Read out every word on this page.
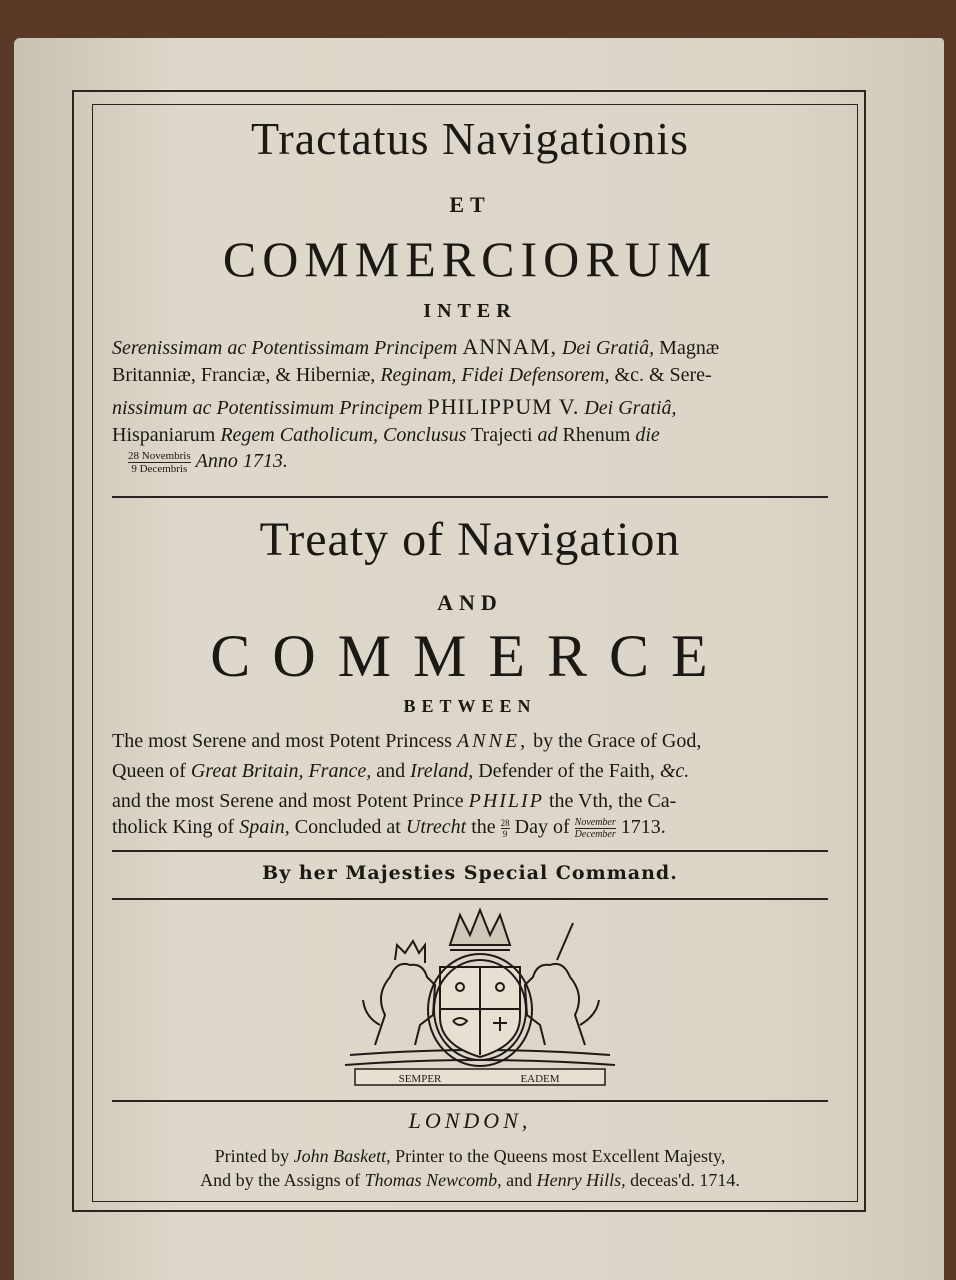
Tractatus Navigationis
ET
COMMERCIORUM
INTER
Serenissimam ac Potentissimam Principem ANNAM, Dei Gratiâ, Magnæ
Britanniæ, Franciæ, & Hiberniæ, Reginam, Fidei Defensorem, &c. & Sere-
nissimum ac Potentissimum Principem PHILIPPUM V. Dei Gratiâ,
Hispaniarum Regem Catholicum, Conclusus Trajecti ad Rhenum die
$\frac{\text{28 Novembris}}{\text{9 Decembris}}$ Anno 1713.
Treaty of Navigation
AND
COMMERCE
BETWEEN
The most Serene and most Potent Princess ANNE, by the Grace of God,
Queen of Great Britain, France, and Ireland, Defender of the Faith, &c.
and the most Serene and most Potent Prince PHILIP the Vth, the Ca-
tholick King of Spain, Concluded at Utrecht the $\frac{28}{9}$ Day of $\frac{\text{November}}{\text{December}} 1713$.
By her Majesties Special Command.
SEMPER	EADEM
LONDON,
Printed by John Baskett, Printer to the Queens most Excellent Majesty,
And by the Assigns of Thomas Newcomb, and Henry Hills, deceas'd. 1714.
